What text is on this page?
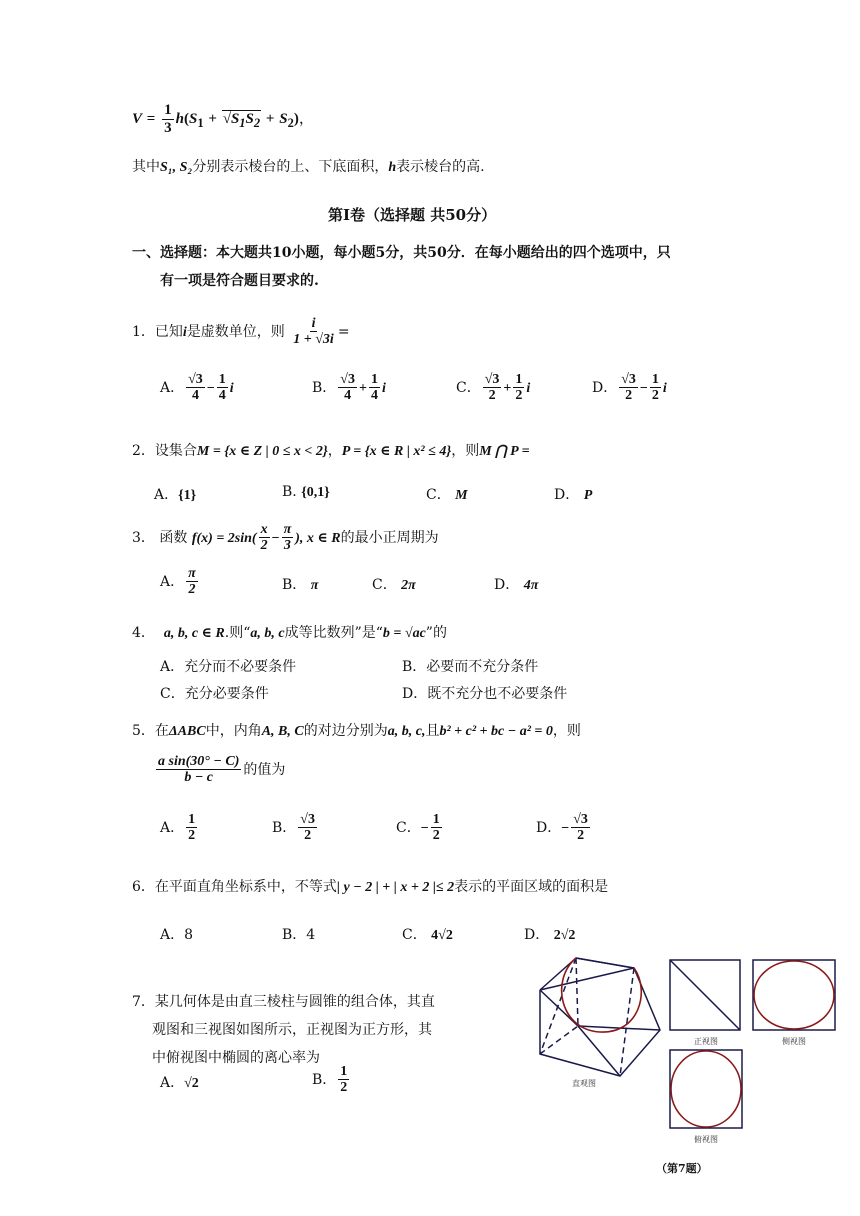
$V = \frac{1}{3} h(S_1$ + √ $S_1S_2 + S_2$)，
其中S₁, S₂分别表示棱台的上、下底面积，h表示棱台的高.
第Ⅰ卷（选择题 共50分）
一、选择题：本大题共10小题，每小题5分，共50分．在每小题给出的四个选项中，只
有一项是符合题目要求的.
1．已知i是虚数单位，则 $\frac{i}{1 + √3i}$ =
A． $\frac{√3}{4} - \frac{1}{4}$ i	B． $\frac{√3}{4} + \frac{1}{4}$ i	C． $\frac{√3}{2} + \frac{1}{2}$ i	D． $\frac{√3}{2} - \frac{1}{2}$ i
2．设集合M = {x ∈ Z | 0 ≤ x < 2}，P = {x ∈ R | x² ≤ 4}，则M ⋂ P =
A．{1}	B. {0,1}	C． M	D． P
3． 函数 $f(x) = 2\sin( \frac{x}{2} - \frac{\pi}{3}$ ), x ∈ R的最小正周期为
A． $\frac{\pi}{2}$	B． π	C． 2π	D． 4π
4． a, b, c ∈ R.则“a, b, c成等比数列”是“b = √ac”的
A．充分而不必要条件	B．必要而不充分条件
C．充分必要条件	D．既不充分也不必要条件
5．在ΔABC中，内角A, B, C的对边分别为a, b, c,且b² + c² + bc − a² = 0，则
$\frac{\text{a sin(30° − C)}}{b - c}$ 的值为
A． $\frac{1}{2}$	B． $\frac{√3}{2}$	C．− $\frac{1}{2}$	D．− $\frac{√3}{2}$
6．在平面直角坐标系中，不等式| y − 2 | + | x + 2 |≤ 2表示的平面区域的面积是
A．8	B．4	C． 4√2	D． 2√2
7．某几何体是由直三棱柱与圆锥的组合体，其直
观图和三视图如图所示，正视图为正方形，其
中俯视图中椭圆的离心率为
A．√2	B． $\frac{1}{2}$	直观图
正视图	侧视图
俯视图
（第7题）
